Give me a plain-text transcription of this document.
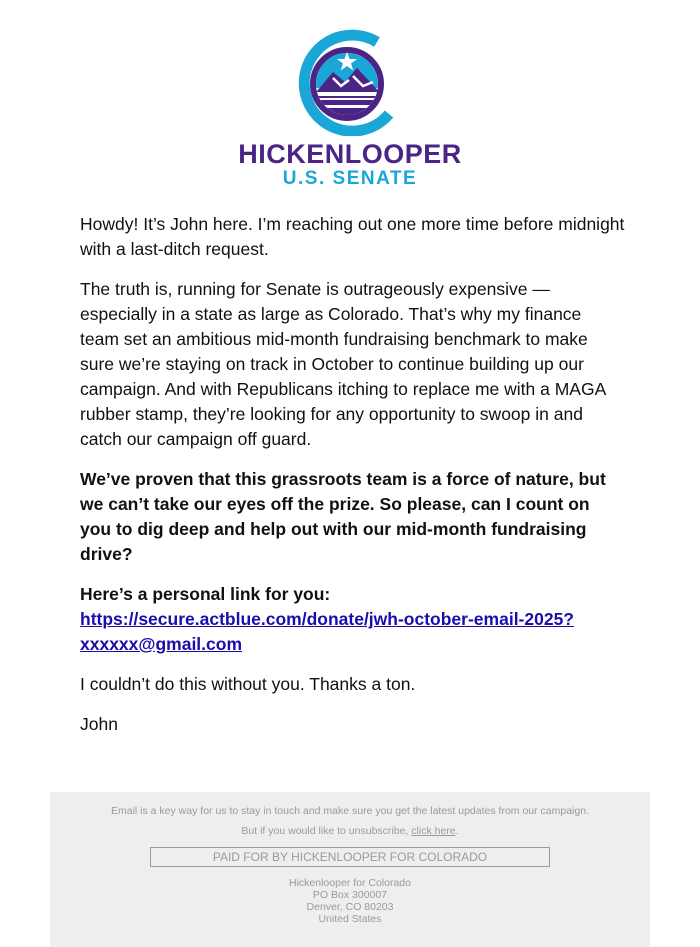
HICKENLOOPER
U.S. SENATE

Howdy! It’s John here. I’m reaching out one more time before midnight with a last-ditch request.

The truth is, running for Senate is outrageously expensive — especially in a state as large as Colorado. That’s why my finance team set an ambitious mid-month fundraising benchmark to make sure we’re staying on track in October to continue building up our campaign. And with Republicans itching to replace me with a MAGA rubber stamp, they’re looking for any opportunity to swoop in and catch our campaign off guard.

We’ve proven that this grassroots team is a force of nature, but we can’t take our eyes off the prize. So please, can I count on you to dig deep and help out with our mid-month fundraising drive?

Here’s a personal link for you: https://secure.actblue.com/donate/jwh-october-email-2025?xxxxxx@gmail.com

I couldn’t do this without you. Thanks a ton.

John

Email is a key way for us to stay in touch and make sure you get the latest updates from our campaign.
But if you would like to unsubscribe, click here.
PAID FOR BY HICKENLOOPER FOR COLORADO
Hickenlooper for Colorado
PO Box 300007
Denver, CO 80203
United States
